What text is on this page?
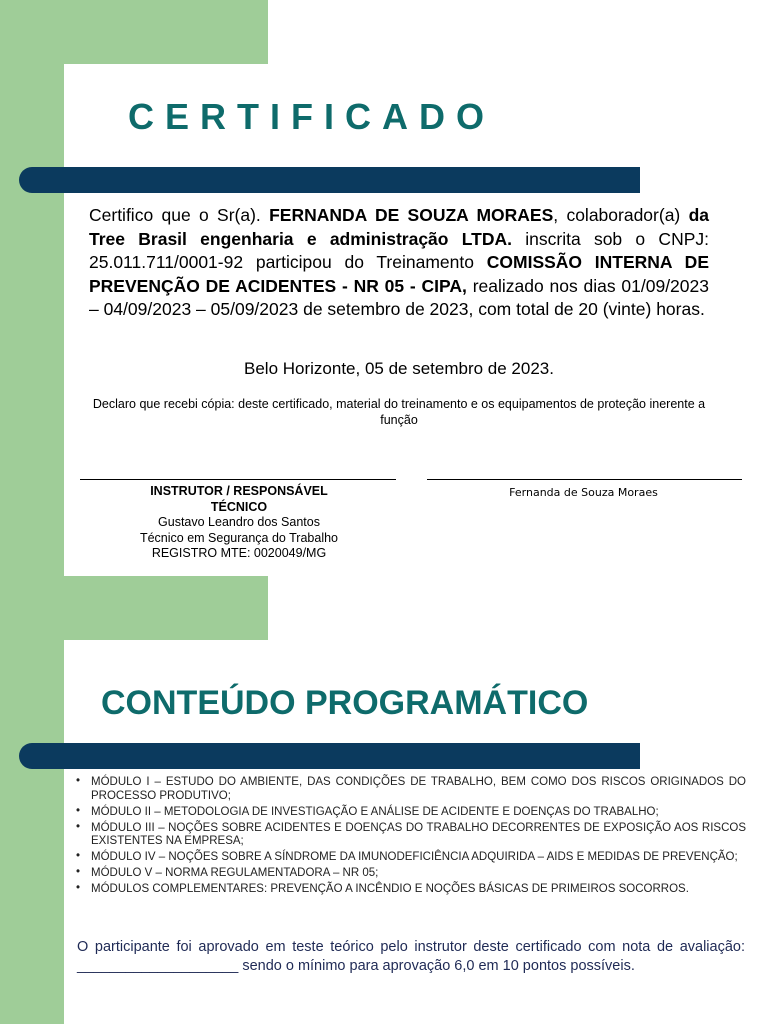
CERTIFICADO

Certifico que o Sr(a). FERNANDA DE SOUZA MORAES, colaborador(a) da Tree Brasil engenharia e administração LTDA. inscrita sob o CNPJ: 25.011.711/0001-92 participou do Treinamento COMISSÃO INTERNA DE PREVENÇÃO DE ACIDENTES - NR 05 - CIPA, realizado nos dias 01/09/2023 – 04/09/2023 – 05/09/2023 de setembro de 2023, com total de 20 (vinte) horas.

Belo Horizonte, 05 de setembro de 2023.

Declaro que recebi cópia: deste certificado, material do treinamento e os equipamentos de proteção inerente a função

INSTRUTOR / RESPONSÁVEL TÉCNICO
Gustavo Leandro dos Santos
Técnico em Segurança do Trabalho
REGISTRO MTE: 0020049/MG
Fernanda de Souza Moraes
CONTEÚDO PROGRAMÁTICO
• MÓDULO I – ESTUDO DO AMBIENTE, DAS CONDIÇÕES DE TRABALHO, BEM COMO DOS RISCOS ORIGINADOS DO PROCESSO PRODUTIVO;
• MÓDULO II – METODOLOGIA DE INVESTIGAÇÃO E ANÁLISE DE ACIDENTE E DOENÇAS DO TRABALHO;
• MÓDULO III – NOÇÕES SOBRE ACIDENTES E DOENÇAS DO TRABALHO DECORRENTES DE EXPOSIÇÃO AOS RISCOS EXISTENTES NA EMPRESA;
• MÓDULO IV – NOÇÕES SOBRE A SÍNDROME DA IMUNODEFICIÊNCIA ADQUIRIDA – AIDS E MEDIDAS DE PREVENÇÃO;
• MÓDULO V – NORMA REGULAMENTADORA – NR 05;
• MÓDULOS COMPLEMENTARES: PREVENÇÃO A INCÊNDIO E NOÇÕES BÁSICAS DE PRIMEIROS SOCORROS.

O participante foi aprovado em teste teórico pelo instrutor deste certificado com nota de avaliação: ____________________ sendo o mínimo para aprovação 6,0 em 10 pontos possíveis.
